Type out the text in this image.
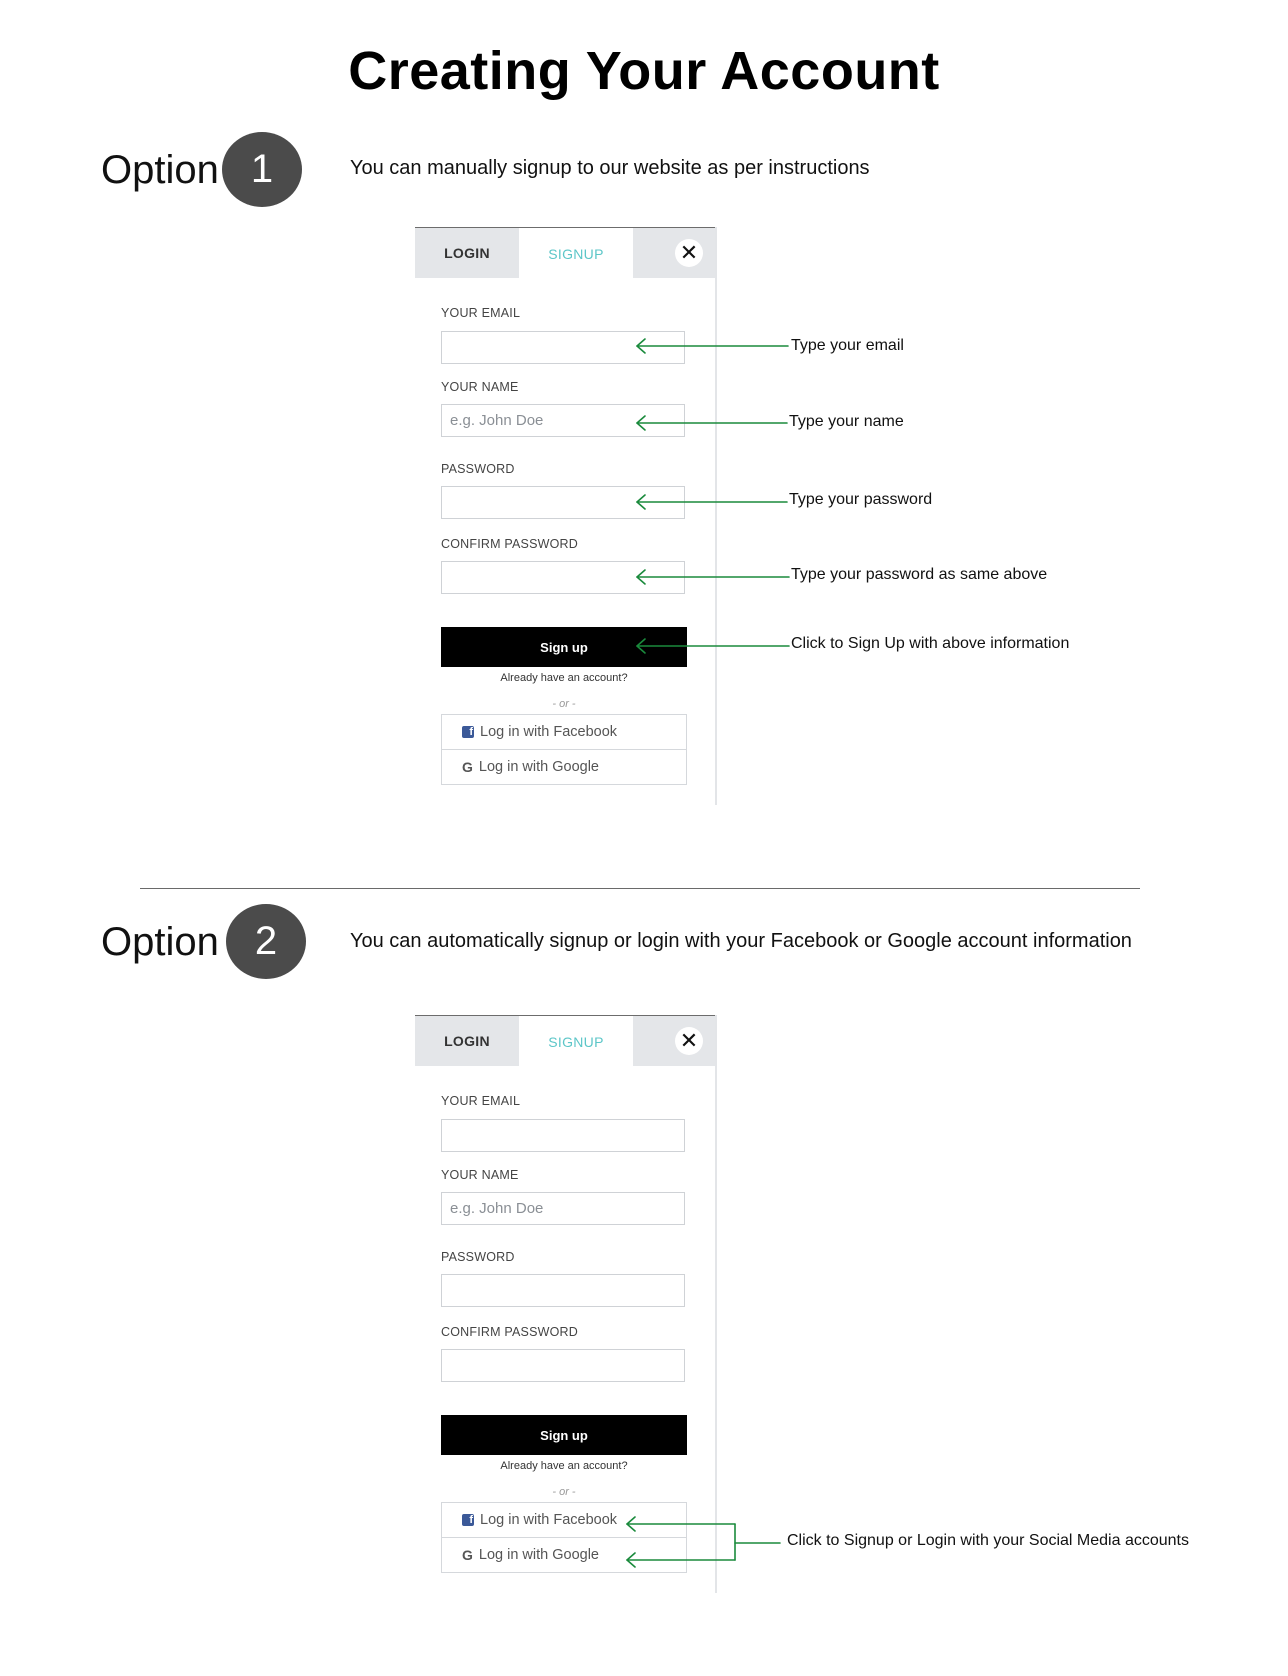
Creating Your Account
Option 1	You can manually signup to our website as per instructions
LOGIN	SIGNUP	✕
YOUR EMAIL
YOUR NAME
e.g. John Doe
PASSWORD
CONFIRM PASSWORD
Sign up
Already have an account?
- or -
f Log in with Facebook
G Log in with Google
Type your email
Type your name
Type your password
Type your password as same above
Click to Sign Up with above information
Option 2	You can automatically signup or login with your Facebook or Google account information
LOGIN	SIGNUP	✕
YOUR EMAIL
YOUR NAME
e.g. John Doe
PASSWORD
CONFIRM PASSWORD
Sign up
Already have an account?
- or -
f Log in with Facebook
G Log in with Google
Click to Signup or Login with your Social Media accounts
